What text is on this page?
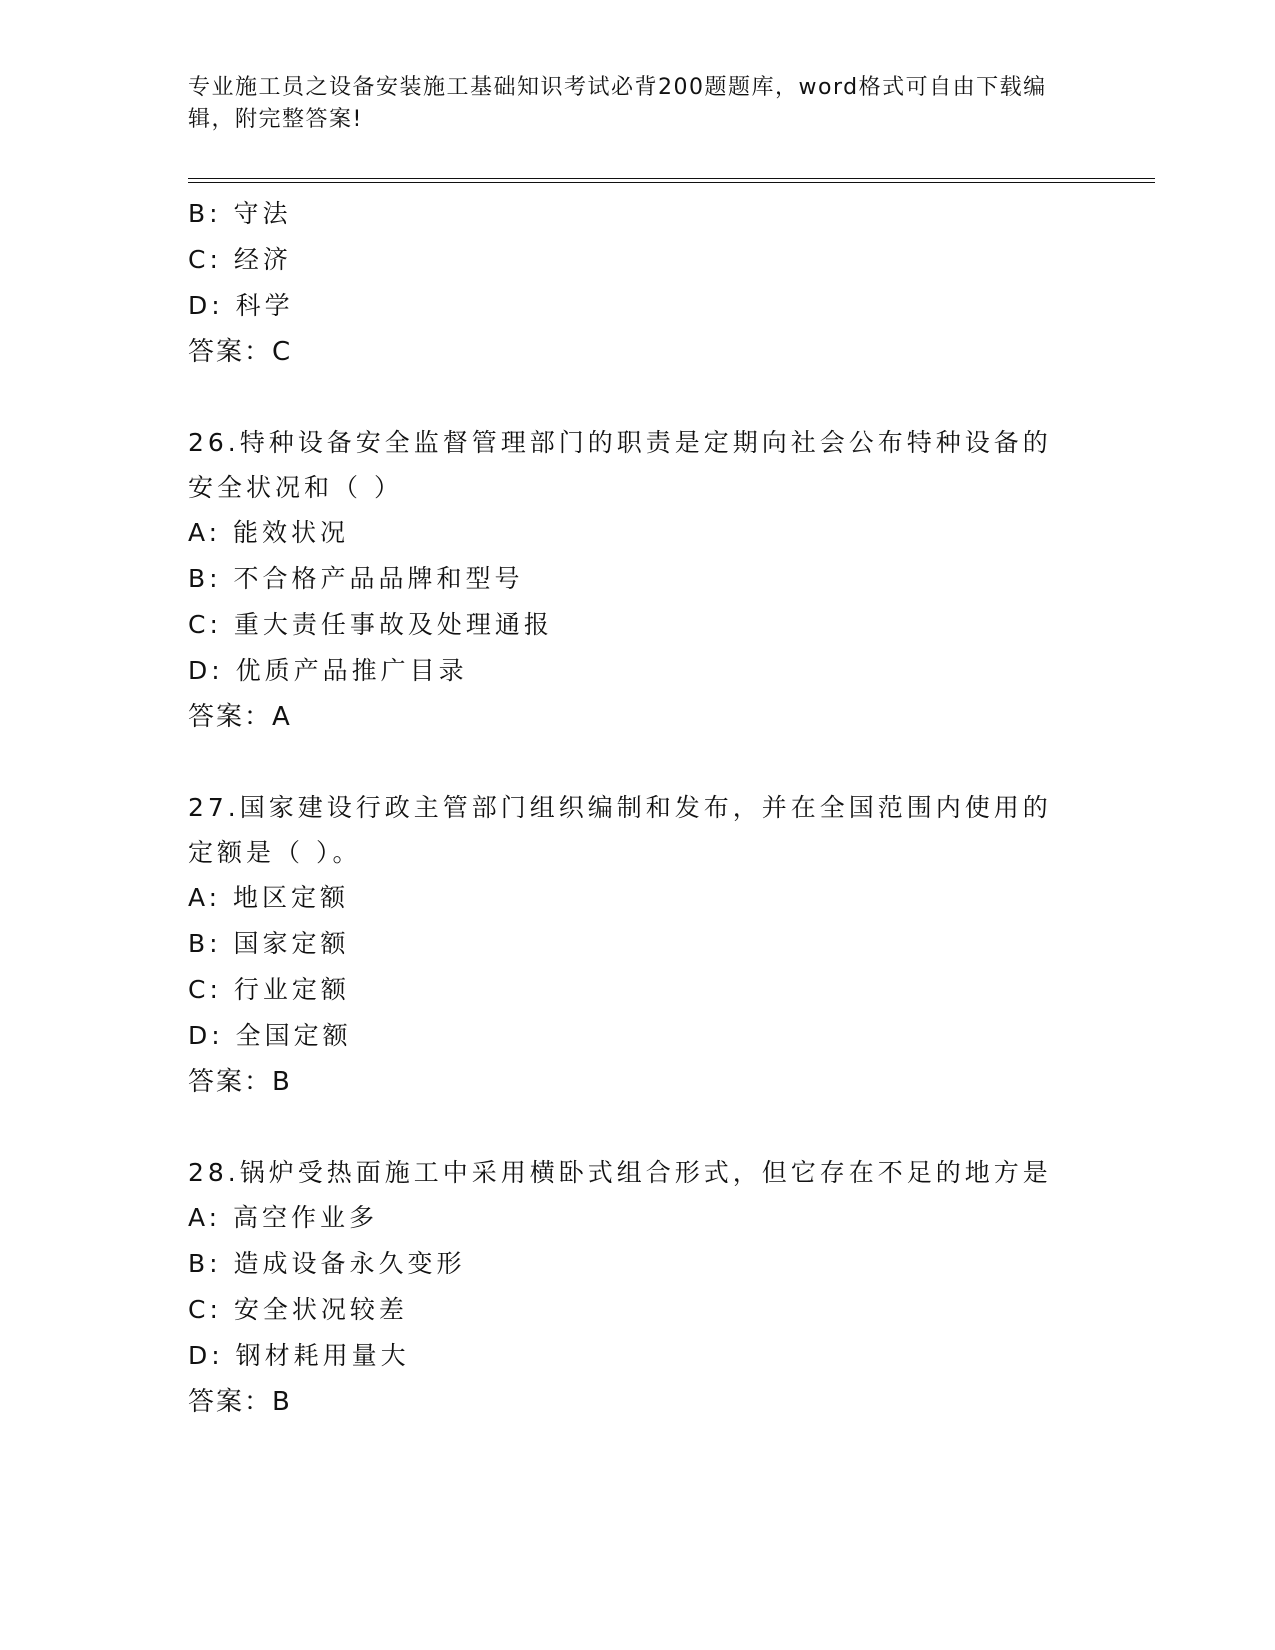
专业施工员之设备安装施工基础知识考试必背200题题库，word格式可自由下载编辑，附完整答案!
B: 守法
C: 经济
D: 科学
答案：C
26.特种设备安全监督管理部门的职责是定期向社会公布特种设备的安全状况和（ ）
A: 能效状况
B: 不合格产品品牌和型号
C: 重大责任事故及处理通报
D: 优质产品推广目录
答案：A
27.国家建设行政主管部门组织编制和发布，并在全国范围内使用的定额是（ ）。
A: 地区定额
B: 国家定额
C: 行业定额
D: 全国定额
答案：B
28.锅炉受热面施工中采用横卧式组合形式，但它存在不足的地方是
A: 高空作业多
B: 造成设备永久变形
C: 安全状况较差
D: 钢材耗用量大
答案：B
